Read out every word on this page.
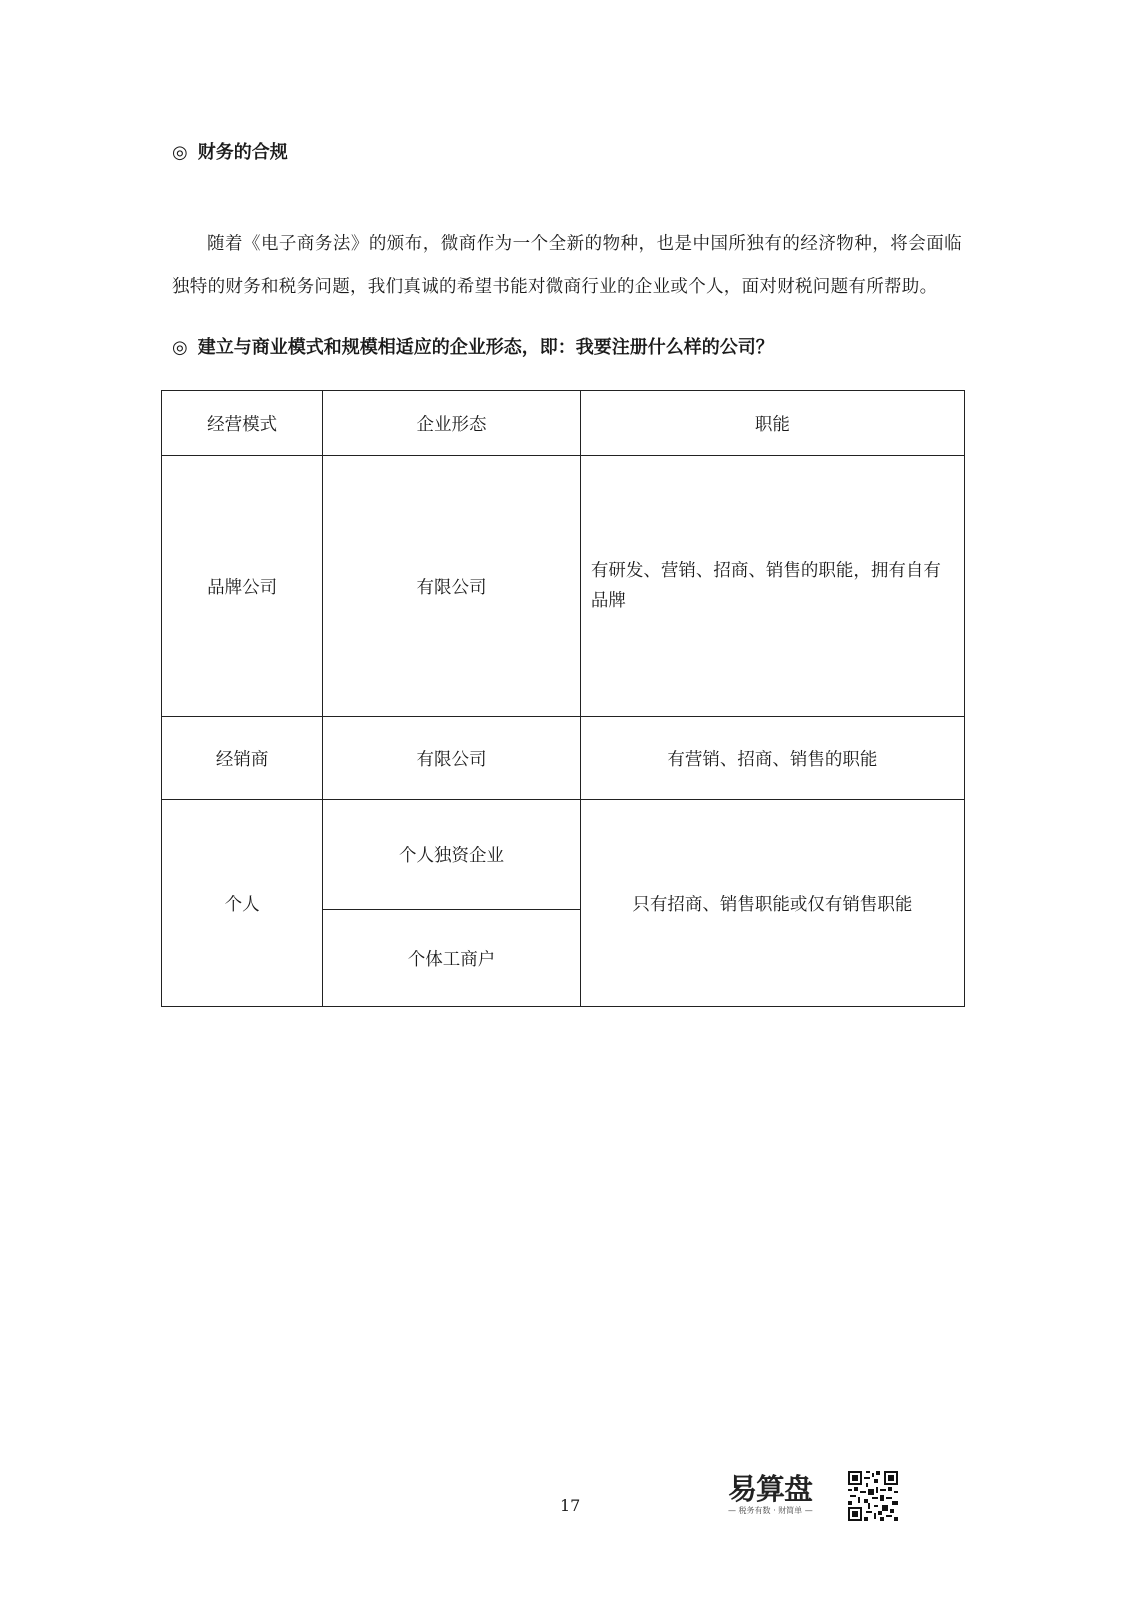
◎ 财务的合规

随着《电子商务法》的颁布，微商作为一个全新的物种，也是中国所独有的经济物种，将会面临独特的财务和税务问题，我们真诚的希望书能对微商行业的企业或个人，面对财税问题有所帮助。

◎ 建立与商业模式和规模相适应的企业形态，即：我要注册什么样的公司？
经营模式	企业形态	职能
品牌公司	有限公司	有研发、营销、招商、销售的职能，拥有自有品牌
经销商	有限公司	有营销、招商、销售的职能
个人	个人独资企业	只有招商、销售职能或仅有销售职能
	个体工商户	
17	易算盘
— 税务有数 · 财简单 —
